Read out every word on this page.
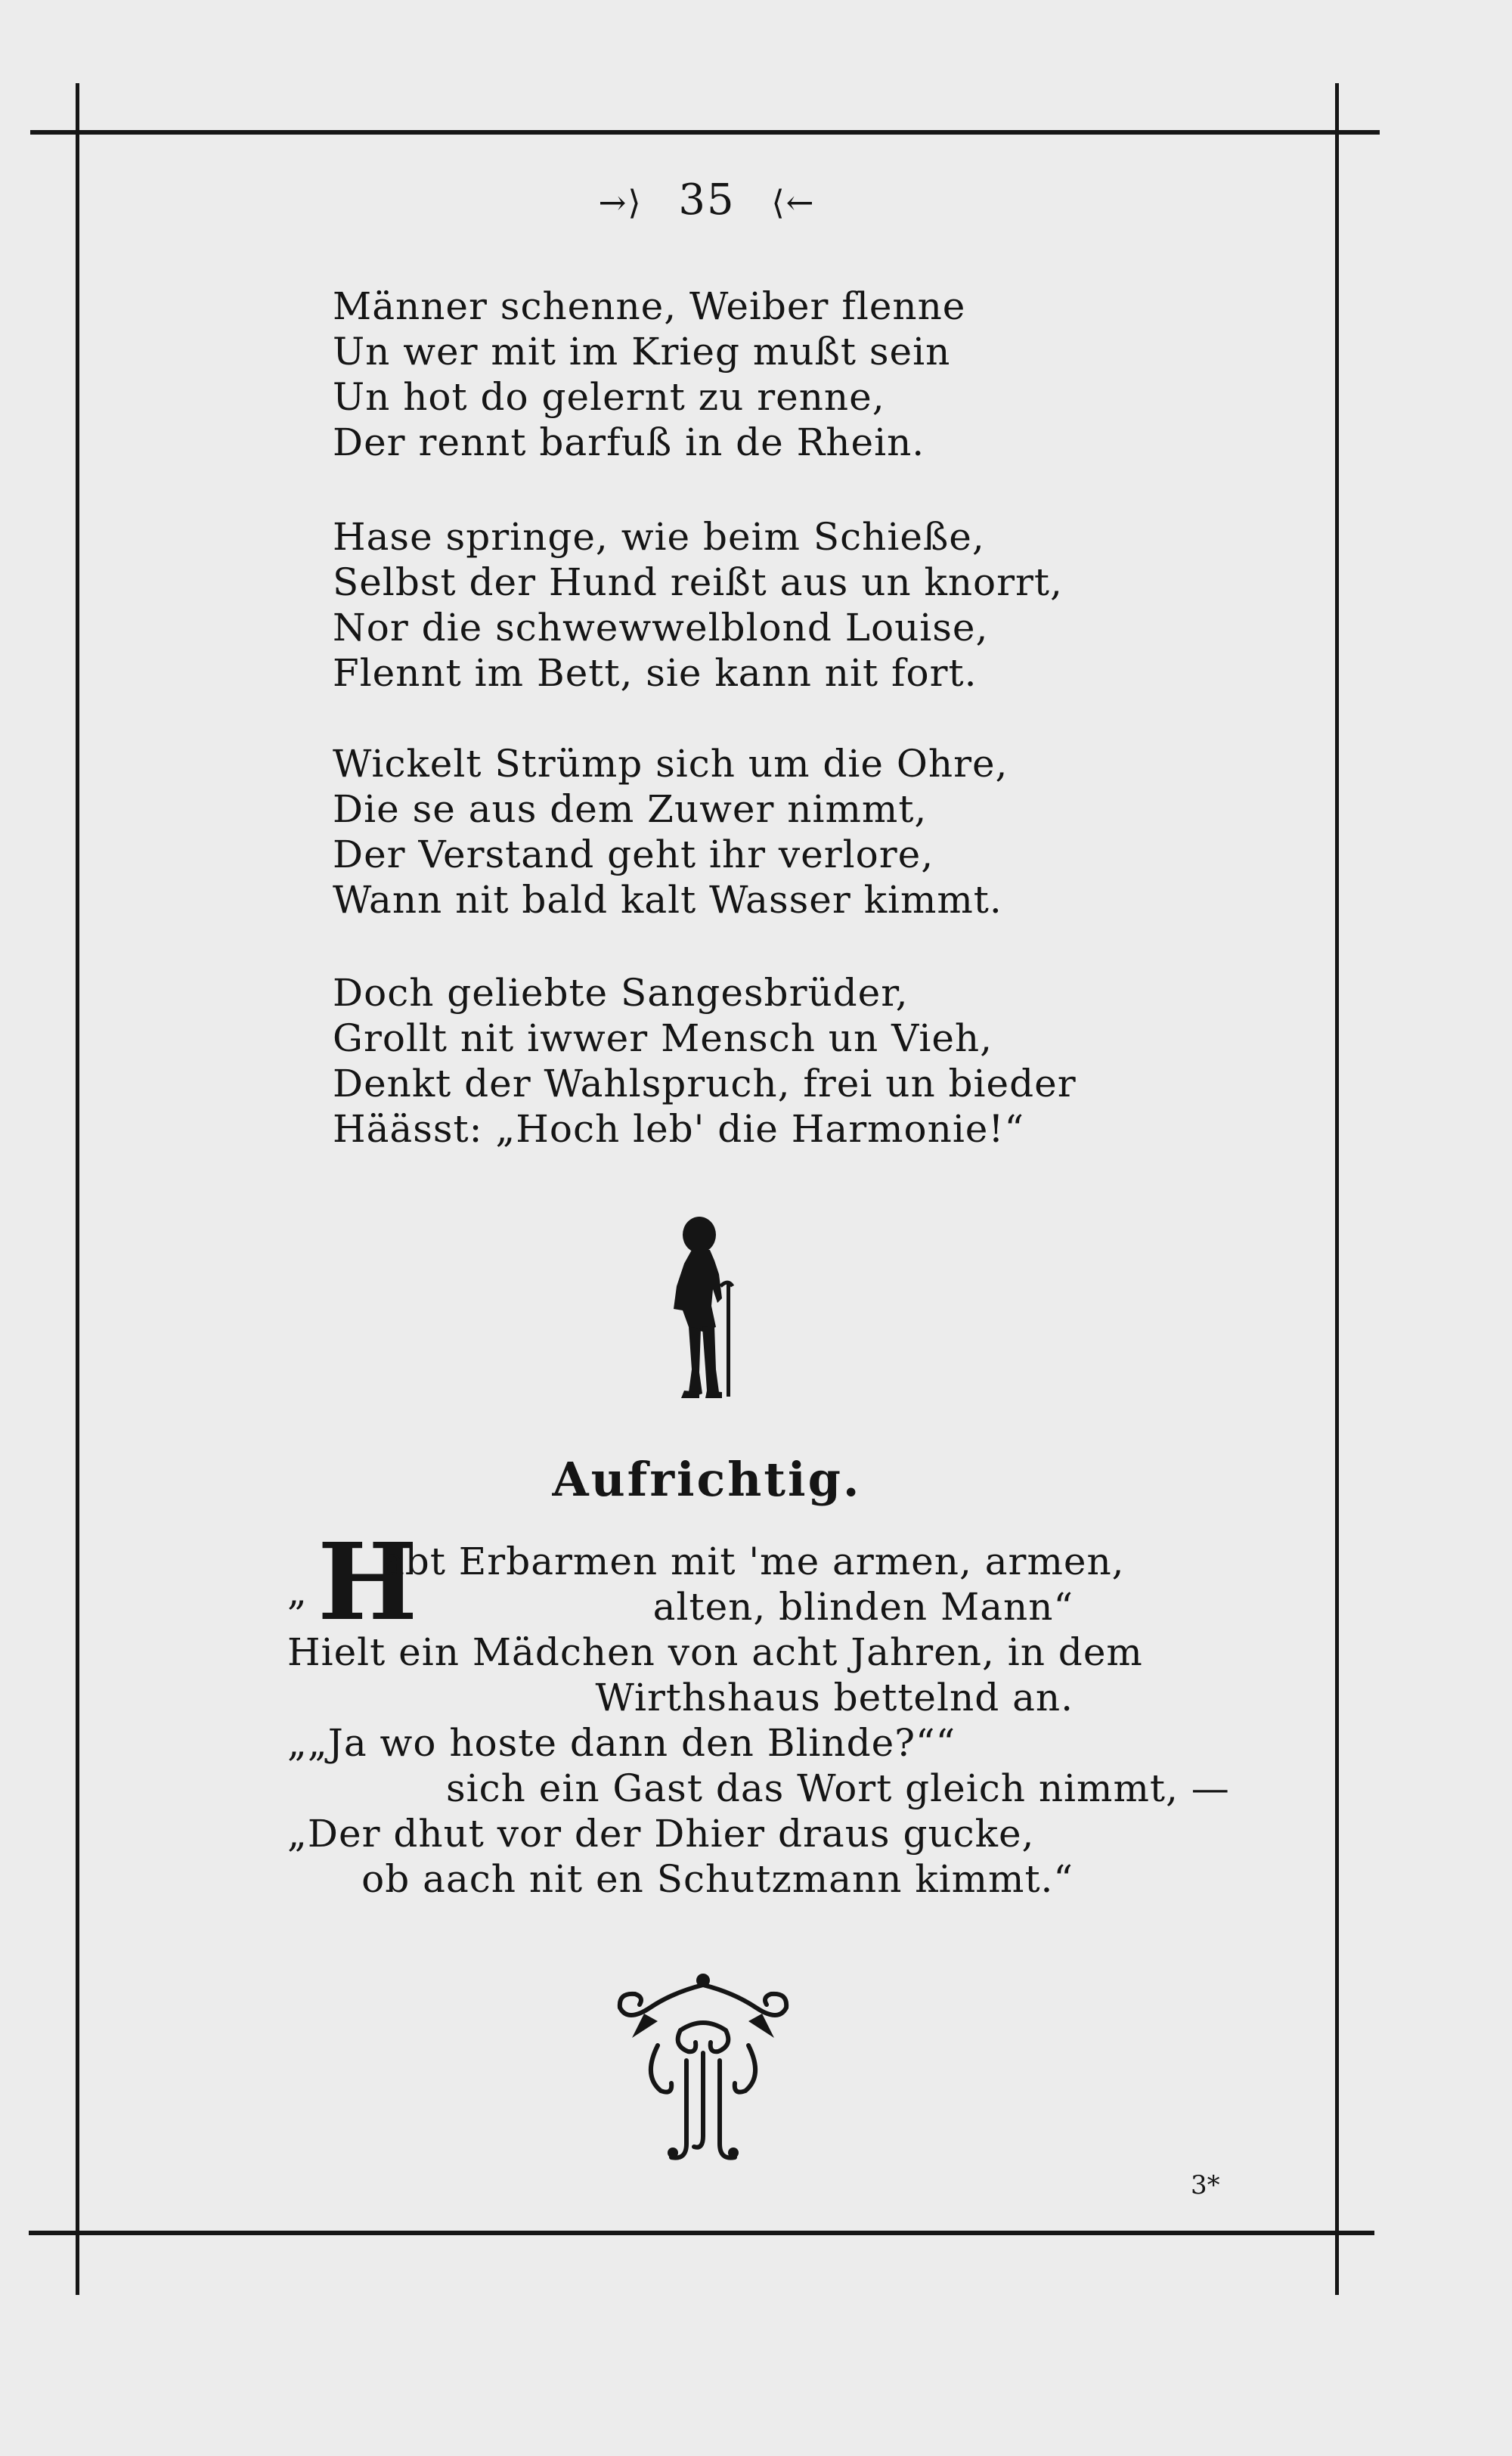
→⟩ 35 ⟨←
Männer schenne, Weiber flenne
Un wer mit im Krieg mußt sein
Un hot do gelernt zu renne,
Der rennt barfuß in de Rhein.
Hase springe, wie beim Schieße,
Selbst der Hund reißt aus un knorrt,
Nor die schwewwelblond Louise,
Flennt im Bett, sie kann nit fort.
Wickelt Strümp sich um die Ohre,
Die se aus dem Zuwer nimmt,
Der Verstand geht ihr verlore,
Wann nit bald kalt Wasser kimmt.
Doch geliebte Sangesbrüder,
Grollt nit iwwer Mensch un Vieh,
Denkt der Wahlspruch, frei un bieder
Häässt: „Hoch leb' die Harmonie!“
Aufrichtig.
H
„
abt Erbarmen mit 'me armen, armen,
alten, blinden Mann“
Hielt ein Mädchen von acht Jahren, in dem
Wirthshaus bettelnd an.
„„Ja wo hoste dann den Blinde?““
sich ein Gast das Wort gleich nimmt, —
„Der dhut vor der Dhier draus gucke,
ob aach nit en Schutzmann kimmt.“
3*
